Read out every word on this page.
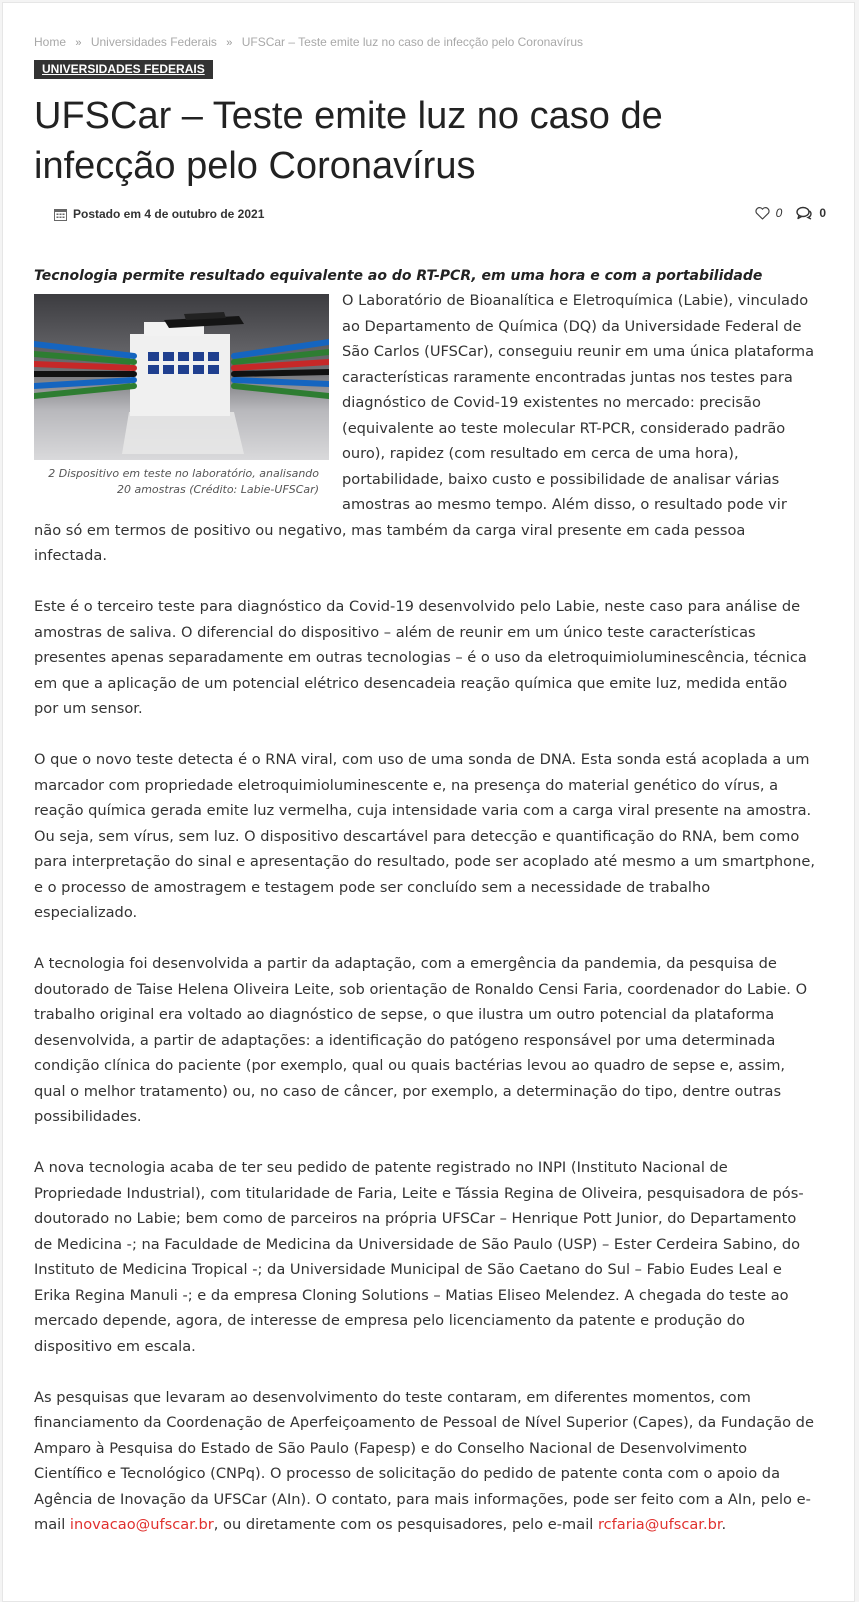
Home » Universidades Federais » UFSCar – Teste emite luz no caso de infecção pelo Coronavírus
UNIVERSIDADES FEDERAIS
UFSCar – Teste emite luz no caso de infecção pelo Coronavírus
Postado em 4 de outubro de 2021	0	0
Tecnologia permite resultado equivalente ao do RT-PCR, em uma hora e com a portabilidade
2 Dispositivo em teste no laboratório, analisando 20 amostras (Crédito: Labie-UFSCar)

O Laboratório de Bioanalítica e Eletroquímica (Labie), vinculado ao Departamento de Química (DQ) da Universidade Federal de São Carlos (UFSCar), conseguiu reunir em uma única plataforma características raramente encontradas juntas nos testes para diagnóstico de Covid-19 existentes no mercado: precisão (equivalente ao teste molecular RT-PCR, considerado padrão ouro), rapidez (com resultado em cerca de uma hora), portabilidade, baixo custo e possibilidade de analisar várias amostras ao mesmo tempo. Além disso, o resultado pode vir não só em termos de positivo ou negativo, mas também da carga viral presente em cada pessoa infectada.

Este é o terceiro teste para diagnóstico da Covid-19 desenvolvido pelo Labie, neste caso para análise de amostras de saliva. O diferencial do dispositivo – além de reunir em um único teste características presentes apenas separadamente em outras tecnologias – é o uso da eletroquimioluminescência, técnica em que a aplicação de um potencial elétrico desencadeia reação química que emite luz, medida então por um sensor.

O que o novo teste detecta é o RNA viral, com uso de uma sonda de DNA. Esta sonda está acoplada a um marcador com propriedade eletroquimioluminescente e, na presença do material genético do vírus, a reação química gerada emite luz vermelha, cuja intensidade varia com a carga viral presente na amostra. Ou seja, sem vírus, sem luz. O dispositivo descartável para detecção e quantificação do RNA, bem como para interpretação do sinal e apresentação do resultado, pode ser acoplado até mesmo a um smartphone, e o processo de amostragem e testagem pode ser concluído sem a necessidade de trabalho especializado.

A tecnologia foi desenvolvida a partir da adaptação, com a emergência da pandemia, da pesquisa de doutorado de Taise Helena Oliveira Leite, sob orientação de Ronaldo Censi Faria, coordenador do Labie. O trabalho original era voltado ao diagnóstico de sepse, o que ilustra um outro potencial da plataforma desenvolvida, a partir de adaptações: a identificação do patógeno responsável por uma determinada condição clínica do paciente (por exemplo, qual ou quais bactérias levou ao quadro de sepse e, assim, qual o melhor tratamento) ou, no caso de câncer, por exemplo, a determinação do tipo, dentre outras possibilidades.

A nova tecnologia acaba de ter seu pedido de patente registrado no INPI (Instituto Nacional de Propriedade Industrial), com titularidade de Faria, Leite e Tássia Regina de Oliveira, pesquisadora de pós-doutorado no Labie; bem como de parceiros na própria UFSCar – Henrique Pott Junior, do Departamento de Medicina -; na Faculdade de Medicina da Universidade de São Paulo (USP) – Ester Cerdeira Sabino, do Instituto de Medicina Tropical -; da Universidade Municipal de São Caetano do Sul – Fabio Eudes Leal e Erika Regina Manuli -; e da empresa Cloning Solutions – Matias Eliseo Melendez. A chegada do teste ao mercado depende, agora, de interesse de empresa pelo licenciamento da patente e produção do dispositivo em escala.

As pesquisas que levaram ao desenvolvimento do teste contaram, em diferentes momentos, com financiamento da Coordenação de Aperfeiçoamento de Pessoal de Nível Superior (Capes), da Fundação de Amparo à Pesquisa do Estado de São Paulo (Fapesp) e do Conselho Nacional de Desenvolvimento Científico e Tecnológico (CNPq). O processo de solicitação do pedido de patente conta com o apoio da Agência de Inovação da UFSCar (AIn). O contato, para mais informações, pode ser feito com a AIn, pelo e-mail inovacao@ufscar.br, ou diretamente com os pesquisadores, pelo e-mail rcfaria@ufscar.br.
